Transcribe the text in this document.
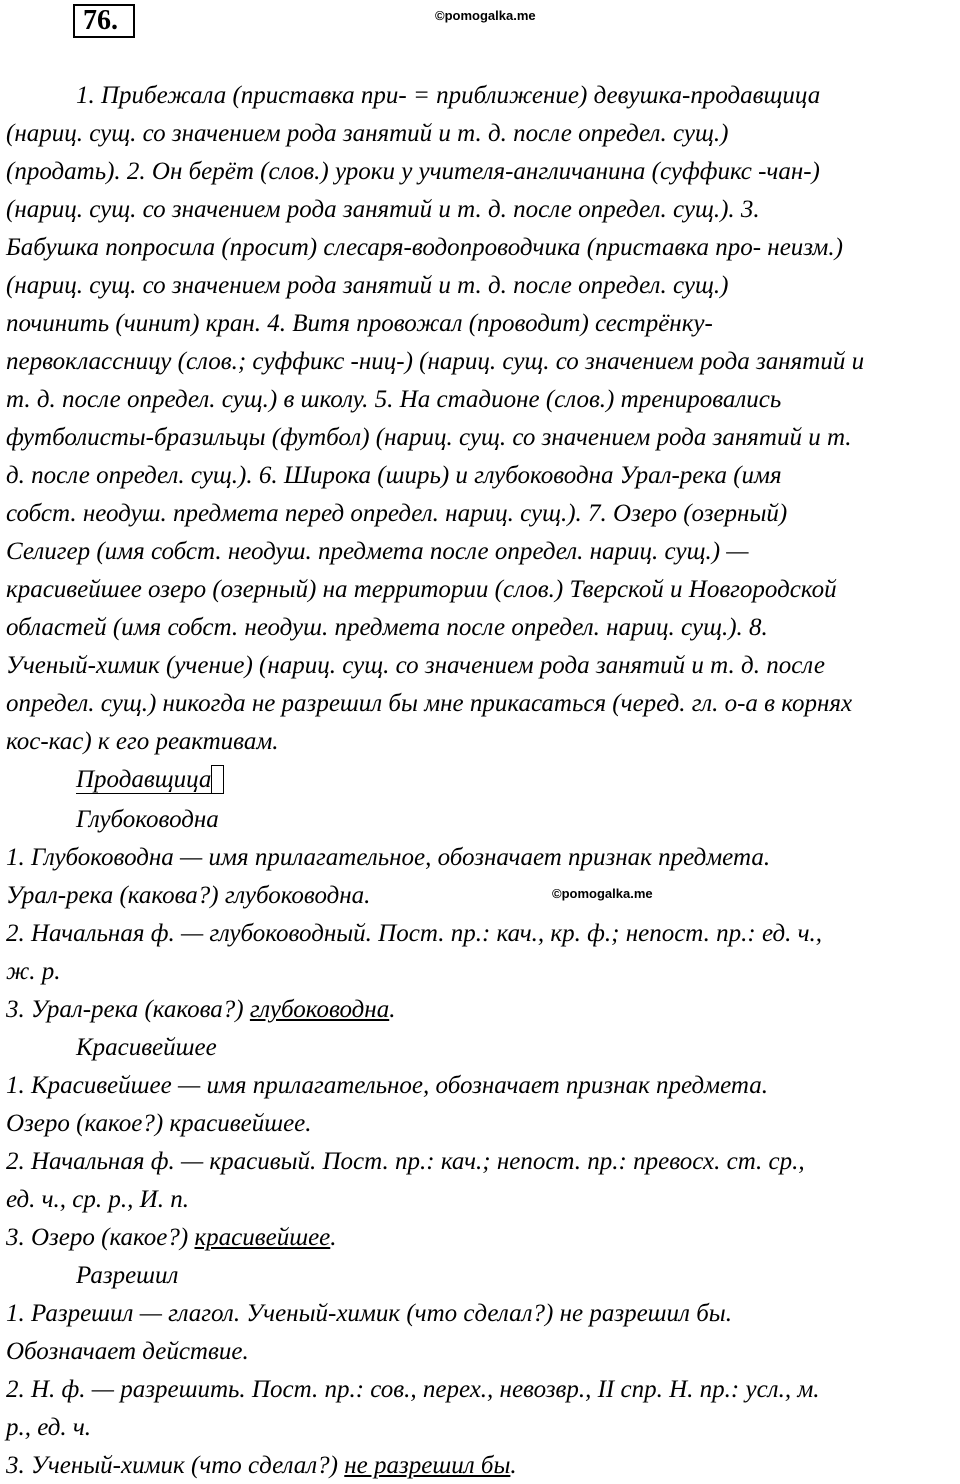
76.	©pomogalka.me
1. Прибежала (приставка при- = приближение) девушка-продавщица
(нариц. сущ. со значением рода занятий и т. д. после определ. сущ.)
(продать). 2. Он берёт (слов.) уроки у учителя-англичанина (суффикс -чан-)
(нариц. сущ. со значением рода занятий и т. д. после определ. сущ.). 3.
Бабушка попросила (просит) слесаря-водопроводчика (приставка про- неизм.)
(нариц. сущ. со значением рода занятий и т. д. после определ. сущ.)
починить (чинит) кран. 4. Витя провожал (проводит) сестрёнку-
первоклассницу (слов.; суффикс -ниц-) (нариц. сущ. со значением рода занятий и
т. д. после определ. сущ.) в школу. 5. На стадионе (слов.) тренировались
футболисты-бразильцы (футбол) (нариц. сущ. со значением рода занятий и т.
д. после определ. сущ.). 6. Широка (ширь) и глубоководна Урал-река (имя
собст. неодуш. предмета перед определ. нариц. сущ.). 7. Озеро (озерный)
Селигер (имя собст. неодуш. предмета после определ. нариц. сущ.) —
красивейшее озеро (озерный) на территории (слов.) Тверской и Новгородской
областей (имя собст. неодуш. предмета после определ. нариц. сущ.). 8.
Ученый-химик (учение) (нариц. сущ. со значением рода занятий и т. д. после
определ. сущ.) никогда не разрешил бы мне прикасаться (черед. гл. о-а в корнях
кос-кас) к его реактивам.
Продавщица
Глубоководна
1. Глубоководна — имя прилагательное, обозначает признак предмета.
Урал-река (какова?) глубоководна.	©pomogalka.me
2. Начальная ф. — глубоководный. Пост. пр.: кач., кр. ф.; непост. пр.: ед. ч.,
ж. р.
3. Урал-река (какова?) глубоководна.
Красивейшее
1. Красивейшее — имя прилагательное, обозначает признак предмета.
Озеро (какое?) красивейшее.
2. Начальная ф. — красивый. Пост. пр.: кач.; непост. пр.: превосх. ст. ср.,
ед. ч., ср. р., И. п.
3. Озеро (какое?) красивейшее.
Разрешил
1. Разрешил — глагол. Ученый-химик (что сделал?) не разрешил бы.
Обозначает действие.
2. Н. ф. — разрешить. Пост. пр.: сов., перех., невозвр., II спр. Н. пр.: усл., м.
р., ед. ч.
3. Ученый-химик (что сделал?) не разрешил бы.
